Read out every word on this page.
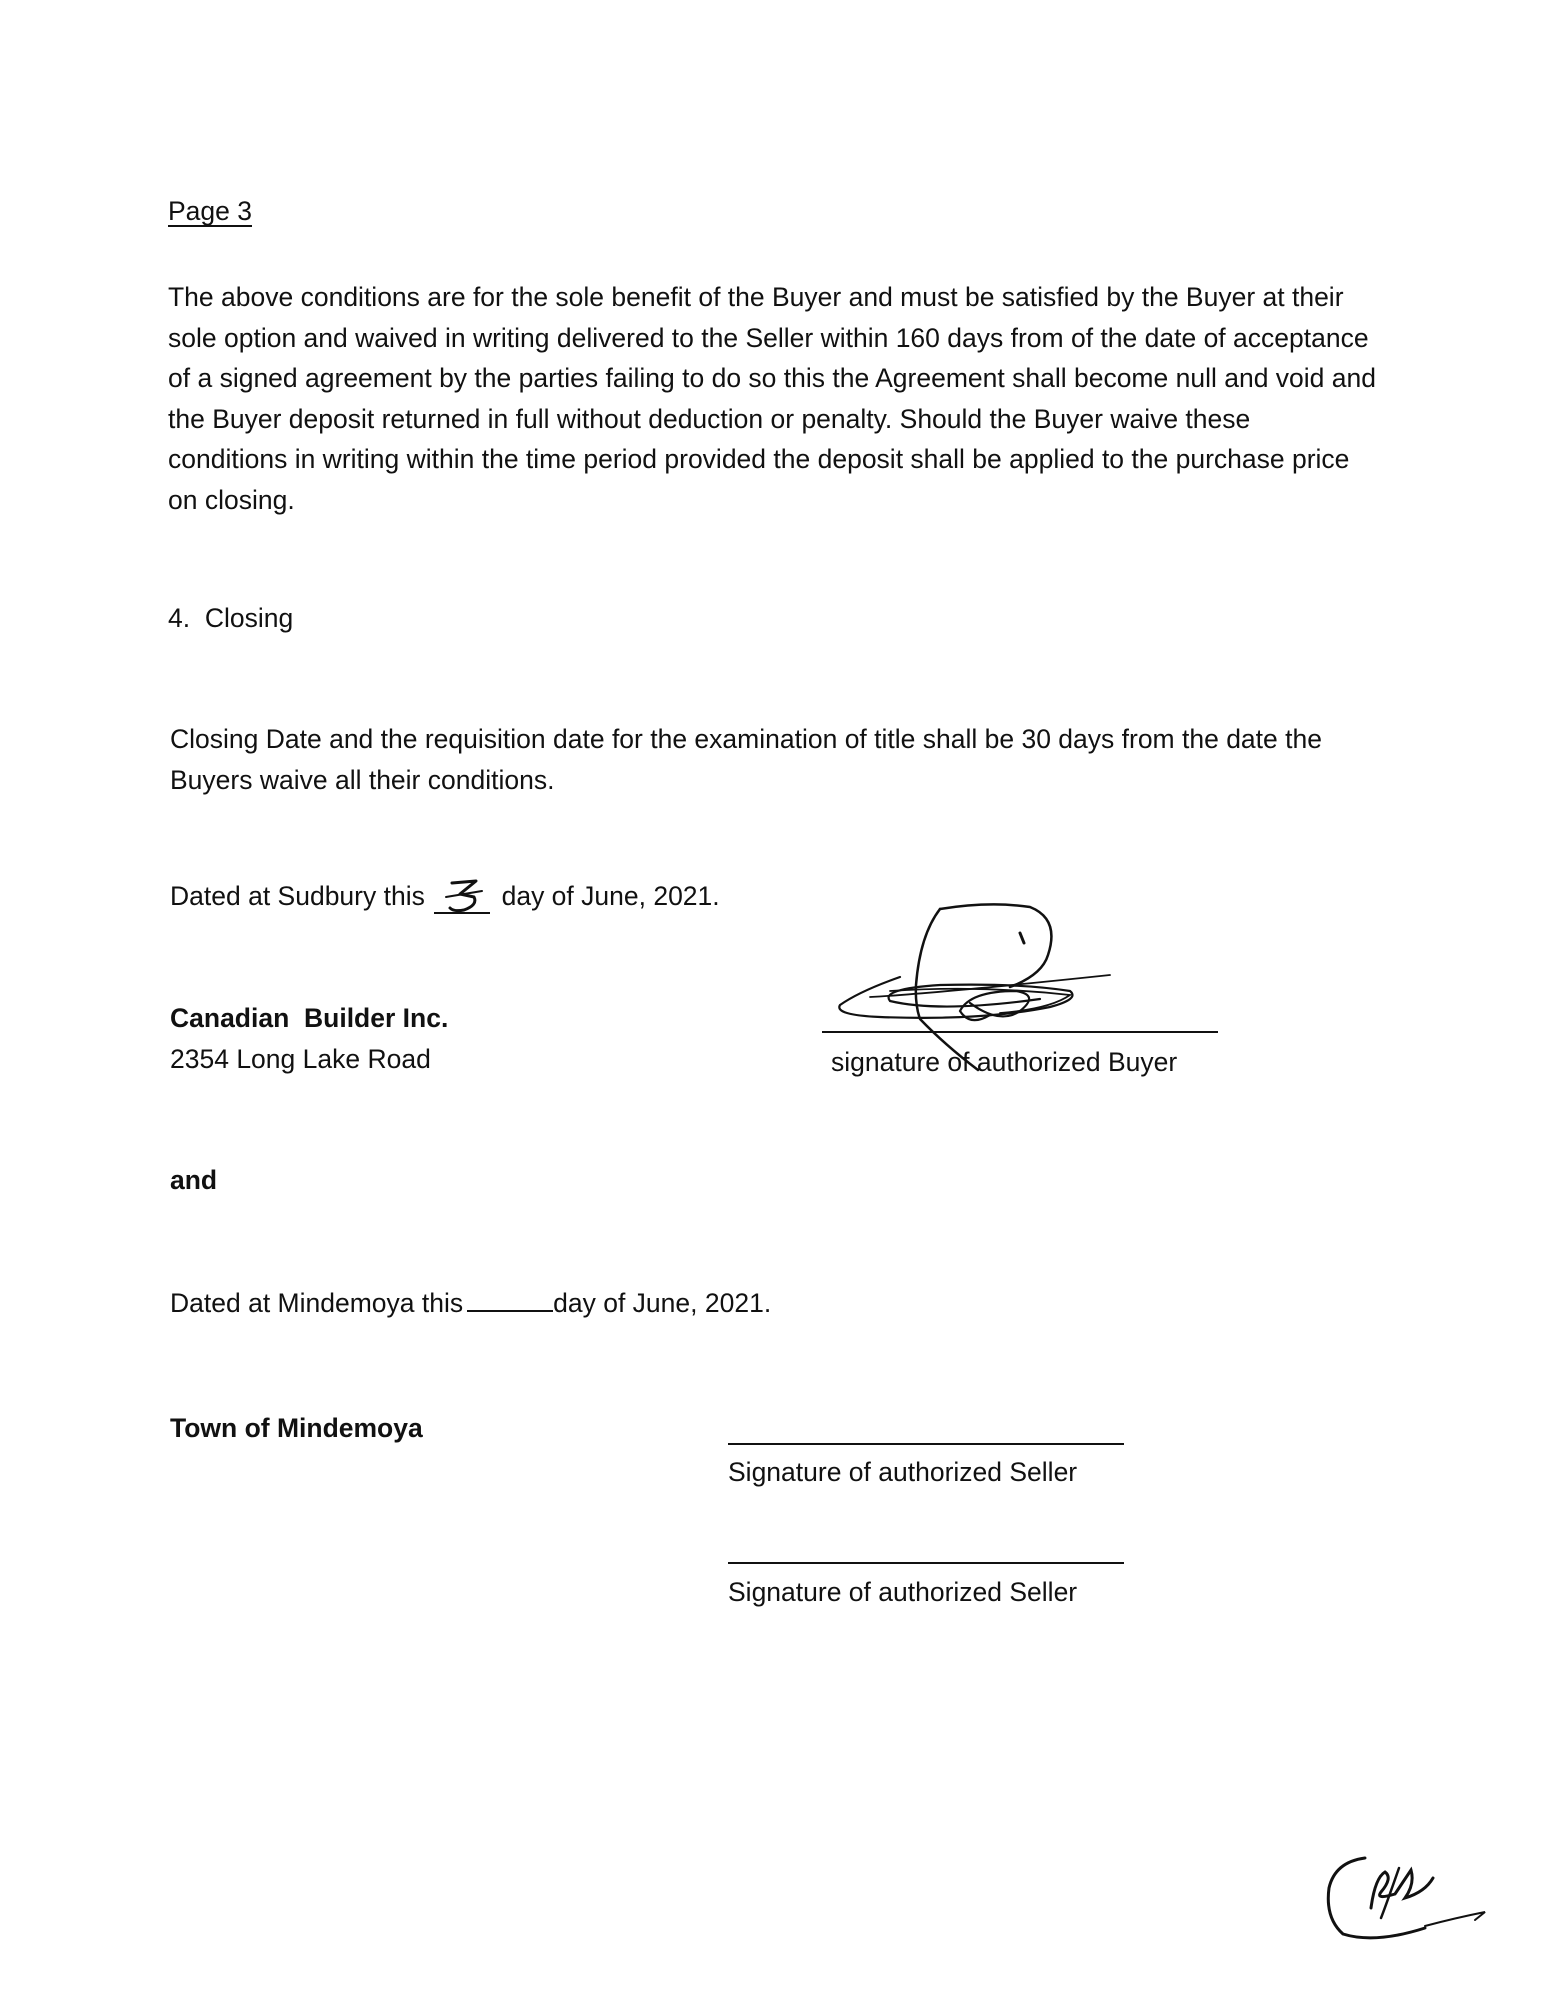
Page 3
The above conditions are for the sole benefit of the Buyer and must be satisfied by the Buyer at their
sole option and waived in writing delivered to the Seller within 160 days from of the date of acceptance
of a signed agreement by the parties failing to do so this the Agreement shall become null and void and
the Buyer deposit returned in full without deduction or penalty. Should the Buyer waive these
conditions in writing within the time period provided the deposit shall be applied to the purchase price
on closing.
4.  Closing
Closing Date and the requisition date for the examination of title shall be 30 days from the date the
Buyers waive all their conditions.
Dated at Sudbury this	day of June, 2021.
Canadian  Builder Inc.
2354 Long Lake Road	signature of authorized Buyer
and
Dated at Mindemoya this	day of June, 2021.
Town of Mindemoya
Signature of authorized Seller
Signature of authorized Seller
